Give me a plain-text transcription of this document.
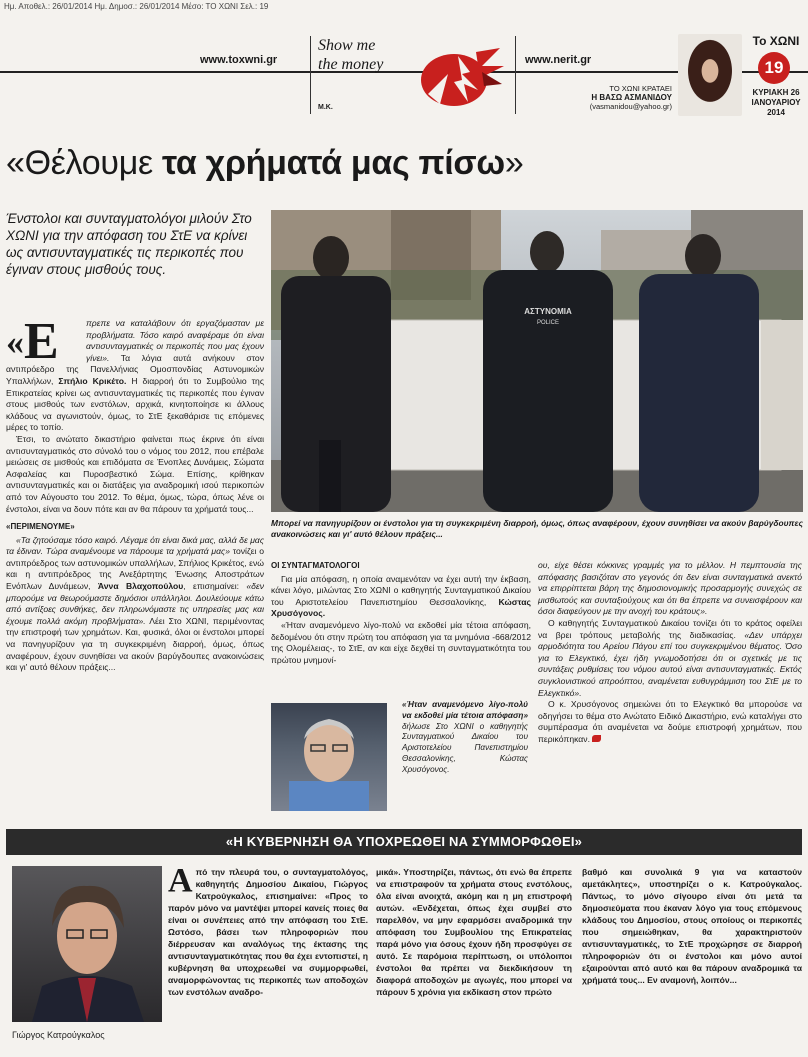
Ημ. Αποθελ.: 26/01/2014 Ημ. Δημοσ.: 26/01/2014 Μέσο: ΤΟ ΧΩΝΙ Σελ.: 19
www.toxwni.gr
Show me
the money
M.K.
www.nerit.gr
ΤΟ ΧΩΝΙ ΚΡΑΤΑΕΙ
Η ΒΑΣΩ ΑΣΜΑΝΙΔΟΥ
(vasmanidou@yahoo.gr)
Το ΧΩΝΙ
19
ΚΥΡΙΑΚΗ 26
ΙΑΝΟΥΑΡΙΟΥ
2014
«Θέλουμε τα χρήματά μας πίσω»

Ένστολοι και συνταγματολόγοι μιλούν Στο ΧΩΝΙ για την απόφαση του ΣτΕ να κρίνει ως αντισυνταγματικές τις περικοπές που έγιναν στους μισθούς τους.

«Ε	πρεπε να καταλάβουν ότι εργαζόμασταν με προβλήματα. Τόσο καιρό αναφέραμε ότι είναι αντισυνταγματικές οι περικοπές που μας έχουν γίνει». Τα λόγια αυτά ανήκουν στον αντιπρόεδρο της Πανελλήνιας Ομοσπονδίας Αστυνομικών Υπαλλήλων, Σπήλιο Κρικέτο. Η διαρροή ότι το Συμβούλιο της Επικρατείας κρίνει ως αντισυνταγματικές τις περικοπές που έγιναν στους μισθούς των ενστόλων, αρχικά, κινητοποίησε κι άλλους κλάδους να αγωνιστούν, όμως, το ΣτΕ ξεκαθάρισε τις επόμενες μέρες το τοπίο.

Έτσι, το ανώτατο δικαστήριο φαίνεται πως έκρινε ότι είναι αντισυνταγματικός στο σύνολό του ο νόμος του 2012, που επέβαλε μειώσεις σε μισθούς και επιδόματα σε Ένοπλες Δυνάμεις, Σώματα Ασφαλείας και Πυροσβεστικό Σώμα. Επίσης, κρίθηκαν αντισυνταγματικές και οι διατάξεις για αναδρομική ισού περικοπών από τον Αύγουστο του 2012. Το θέμα, όμως, τώρα, όπως λένε οι ένστολοι, είναι να δουν πότε και αν θα πάρουν τα χρήματά τους...

«ΠΕΡΙΜΕΝΟΥΜΕ»

«Τα ζητούσαμε τόσο καιρό. Λέγαμε ότι είναι δικά μας, αλλά δε μας τα έδιναν. Τώρα αναμένουμε να πάρουμε τα χρήματά μας» τονίζει ο αντιπρόεδρος των αστυνομικών υπαλλήλων, Σπήλιος Κρικέτος, ενώ και η αντιπρόεδρος της Ανεξάρτητης Ένωσης Αποστράτων Ενόπλων Δυνάμεων, Άννα Βλαχοπούλου, επισημαίνει: «δεν μπορούμε να θεωρούμαστε δημόσιοι υπάλληλοι. Δουλεύουμε κάτω από αντίξοες συνθήκες, δεν πληρωνόμαστε τις υπηρεσίες μας και έχουμε πολλά ακόμη προβλήματα». Λέει Στο ΧΩΝΙ, περιμένοντας την επιστροφή των χρημάτων. Και, φυσικά, όλοι οι ένστολοι μπορεί να πανηγυρίζουν για τη συγκεκριμένη διαρροή, όμως, όπως αναφέρουν, έχουν συνηθίσει να ακούν βαρύγδουπες ανακοινώσεις και γι' αυτό θέλουν πράξεις...

ΑΣΤΥΝΟΜΙΑ
POLICE

Μπορεί να πανηγυρίζουν οι ένστολοι για τη συγκεκριμένη διαρροή, όμως, όπως αναφέρουν, έχουν συνηθίσει να ακούν βαρύγδουπες ανακοινώσεις και γι' αυτό θέλουν πράξεις...

ΟΙ ΣΥΝΤΑΓΜΑΤΟΛΟΓΟΙ

Για μία απόφαση, η οποία αναμενόταν να έχει αυτή την έκβαση, κάνει λόγο, μιλώντας Στο ΧΩΝΙ ο καθηγητής Συνταγματικού Δικαίου του Αριστοτελείου Πανεπιστημίου Θεσσαλονίκης, Κώστας Χρυσόγονος.

«Ήταν αναμενόμενο λίγο-πολύ να εκδοθεί μία τέτοια απόφαση, δεδομένου ότι στην πρώτη του απόφαση για τα μνημόνια -668/2012 της Ολομέλειας-, το ΣτΕ, αν και είχε δεχθεί τη συνταγματικότητα του πρώτου μνημονί-

«Ήταν αναμενόμενο λίγο-πολύ να εκδοθεί μία τέτοια απόφαση» δήλωσε Στο ΧΩΝΙ ο καθηγητής Συνταγματικού Δικαίου του Αριστοτελείου Πανεπιστημίου Θεσσαλονίκης, Κώστας Χρυσόγονος.

ου, είχε θέσει κόκκινες γραμμές για το μέλλον. Η πεμπτουσία της απόφασης βασιζόταν στο γεγονός ότι δεν είναι συνταγματικά ανεκτό να επιρρίπτεται βάρη της δημοσιονομικής προσαρμογής συνεχώς σε μισθωτούς και συνταξιούχους και ότι θα έπρεπε να συνεισφέρουν και όσοι διαφεύγουν με την ανοχή του κράτους».

Ο καθηγητής Συνταγματικού Δικαίου τονίζει ότι το κράτος οφείλει να βρει τρόπους μεταβολής της διαδικασίας. «Δεν υπάρχει αρμοδιότητα του Αρείου Πάγου επί του συγκεκριμένου θέματος. Όσο για το Ελεγκτικό, έχει ήδη γνωμοδοτήσει ότι οι σχετικές με τις συντάξεις ρυθμίσεις του νόμου αυτού είναι αντισυνταγματικές. Εκτός συγκλονιστικού απροόπτου, αναμένεται ευθυγράμμιση του ΣτΕ με το Ελεγκτικό».

Ο κ. Χρυσόγονος σημειώνει ότι το Ελεγκτικό θα μπορούσε να οδηγήσει το θέμα στο Ανώτατο Ειδικό Δικαστήριο, ενώ καταλήγει στο συμπέρασμα ότι αναμένεται να δούμε επιστροφή χρημάτων, που περικόπηκαν.

«Η ΚΥΒΕΡΝΗΣΗ ΘΑ ΥΠΟΧΡΕΩΘΕΙ ΝΑ ΣΥΜΜΟΡΦΩΘΕΙ»
Γιώργος Κατρούγκαλος

Από την πλευρά του, ο συνταγματολόγος, καθηγητής Δημοσίου Δικαίου, Γιώργος Κατρούγκαλος, επισημαίνει: «Προς το παρόν μόνο να μαντέψει μπορεί κανείς ποιες θα είναι οι συνέπειες από την απόφαση του ΣτΕ. Ωστόσο, βάσει των πληροφοριών που διέρρευσαν και αναλόγως της έκτασης της αντισυνταγματικότητας που θα έχει εντοπιστεί, η κυβέρνηση θα υποχρεωθεί να συμμορφωθεί, αναμορφώνοντας τις περικοπές των αποδοχών των ενστόλων αναδρο-

μικά». Υποστηρίζει, πάντως, ότι ενώ θα έπρεπε να επιστραφούν τα χρήματα στους ενστόλους, όλα είναι ανοιχτά, ακόμη και η μη επιστροφή αυτών. «Ενδέχεται, όπως έχει συμβεί στο παρελθόν, να μην εφαρμόσει αναδρομικά την απόφαση του Συμβουλίου της Επικρατείας παρά μόνο για όσους έχουν ήδη προσφύγει σε αυτό. Σε παρόμοια περίπτωση, οι υπόλοιποι ένστολοι θα πρέπει να διεκδικήσουν τη διαφορά αποδοχών με αγωγές, που μπορεί να πάρουν 5 χρόνια για εκδίκαση στον πρώτο

βαθμό και συνολικά 9 για να καταστούν αμετάκλητες», υποστηρίζει ο κ. Κατρούγκαλος. Πάντως, το μόνο σίγουρο είναι ότι μετά τα δημοσιεύματα που έκαναν λόγο για τους επόμενους κλάδους του Δημοσίου, στους οποίους οι περικοπές που σημειώθηκαν, θα χαρακτηριστούν αντισυνταγματικές, το ΣτΕ προχώρησε σε διαρροή πληροφοριών ότι οι ένστολοι και μόνο αυτοί εξαιρούνται από αυτό και θα πάρουν αναδρομικά τα χρήματά τους... Εν αναμονή, λοιπόν...
